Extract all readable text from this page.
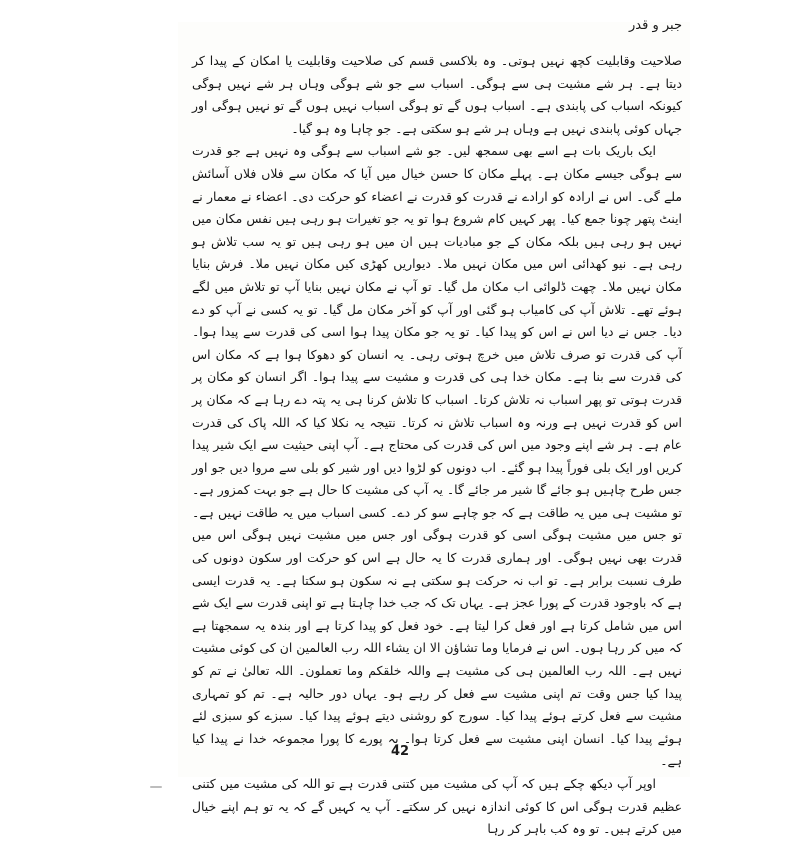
جبر و قدر

صلاحیت وقابلیت کچھ نہیں ہوتی۔ وہ بلاکسی قسم کی صلاحیت وقابلیت یا امکان کے پیدا کر دیتا ہے۔ ہر شے مشیت ہی سے ہوگی۔ اسباب سے جو شے ہوگی وہاں ہر شے نہیں ہوگی کیونکہ اسباب کی پابندی ہے۔ اسباب ہوں گے تو ہوگی اسباب نہیں ہوں گے تو نہیں ہوگی اور جہاں کوئی پابندی نہیں ہے وہاں ہر شے ہو سکتی ہے۔ جو چاہا وہ ہو گیا۔

ایک باریک بات ہے اسے بھی سمجھ لیں۔ جو شے اسباب سے ہوگی وہ نہیں ہے جو قدرت سے ہوگی جیسے مکان ہے۔ پہلے مکان کا حسن خیال میں آیا کہ مکان سے فلاں فلاں آسائش ملے گی۔ اس نے ارادہ کو ارادے نے قدرت کو قدرت نے اعضاء کو حرکت دی۔ اعضاء نے معمار نے اینٹ پتھر چونا جمع کیا۔ پھر کہیں کام شروع ہوا تو یہ جو تغیرات ہو رہی ہیں نفس مکان میں نہیں ہو رہی ہیں بلکہ مکان کے جو مبادیات ہیں ان میں ہو رہی ہیں تو یہ سب تلاش ہو رہی ہے۔ نیو کھدائی اس میں مکان نہیں ملا۔ دیواریں کھڑی کیں مکان نہیں ملا۔ فرش بنایا مکان نہیں ملا۔ چھت ڈلوائی اب مکان مل گیا۔ تو آپ نے مکان نہیں بنایا آپ تو تلاش میں لگے ہوئے تھے۔ تلاش آپ کی کامیاب ہو گئی اور آپ کو آخر مکان مل گیا۔ تو یہ کسی نے آپ کو دے دیا۔ جس نے دیا اس نے اس کو پیدا کیا۔ تو یہ جو مکان پیدا ہوا اسی کی قدرت سے پیدا ہوا۔ آپ کی قدرت تو صرف تلاش میں خرچ ہوتی رہی۔ یہ انسان کو دھوکا ہوا ہے کہ مکان اس کی قدرت سے بنا ہے۔ مکان خدا ہی کی قدرت و مشیت سے پیدا ہوا۔ اگر انسان کو مکان پر قدرت ہوتی تو پھر اسباب نہ تلاش کرتا۔ اسباب کا تلاش کرنا ہی یہ پتہ دے رہا ہے کہ مکان پر اس کو قدرت نہیں ہے ورنہ وہ اسباب تلاش نہ کرتا۔ نتیجہ یہ نکلا کیا کہ اللہ پاک کی قدرت عام ہے۔ ہر شے اپنے وجود میں اس کی قدرت کی محتاج ہے۔ آپ اپنی حیثیت سے ایک شیر پیدا کریں اور ایک بلی فوراً پیدا ہو گئے۔ اب دونوں کو لڑوا دیں اور شیر کو بلی سے مروا دیں جو اور جس طرح چاہیں ہو جائے گا شیر مر جائے گا۔ یہ آپ کی مشیت کا حال ہے جو بہت کمزور ہے۔ تو مشیت ہی میں یہ طاقت ہے کہ جو چاہے سو کر دے۔ کسی اسباب میں یہ طاقت نہیں ہے۔ تو جس میں مشیت ہوگی اسی کو قدرت ہوگی اور جس میں مشیت نہیں ہوگی اس میں قدرت بھی نہیں ہوگی۔ اور ہماری قدرت کا یہ حال ہے اس کو حرکت اور سکون دونوں کی طرف نسبت برابر ہے۔ تو اب نہ حرکت ہو سکتی ہے نہ سکون ہو سکتا ہے۔ یہ قدرت ایسی ہے کہ باوجود قدرت کے پورا عجز ہے۔ یہاں تک کہ جب خدا چاہتا ہے تو اپنی قدرت سے ایک شے اس میں شامل کرتا ہے اور فعل کرا لیتا ہے۔ خود فعل کو پیدا کرتا ہے اور بندہ یہ سمجھتا ہے کہ میں کر رہا ہوں۔ اس نے فرمایا وما تشاؤن الا ان یشاء اللہ رب العالمین ان کی کوئی مشیت نہیں ہے۔ اللہ رب العالمین ہی کی مشیت ہے واللہ خلقکم وما تعملون۔ اللہ تعالیٰ نے تم کو پیدا کیا جس وقت تم اپنی مشیت سے فعل کر رہے ہو۔ یہاں دور حالیہ ہے۔ تم کو تمہاری مشیت سے فعل کرتے ہوئے پیدا کیا۔ سورج کو روشنی دیتے ہوئے پیدا کیا۔ سبزے کو سبزی لئے ہوئے پیدا کیا۔ انسان اپنی مشیت سے فعل کرتا ہوا۔ یہ پورے کا پورا مجموعہ خدا نے پیدا کیا ہے۔

اوپر آپ دیکھ چکے ہیں کہ آپ کی مشیت میں کتنی قدرت ہے تو اللہ کی مشیت میں کتنی عظیم قدرت ہوگی اس کا کوئی اندازہ نہیں کر سکتے۔ آپ یہ کہیں گے کہ یہ تو ہم اپنے خیال میں کرتے ہیں۔ تو وہ کب باہر کر رہا

42
